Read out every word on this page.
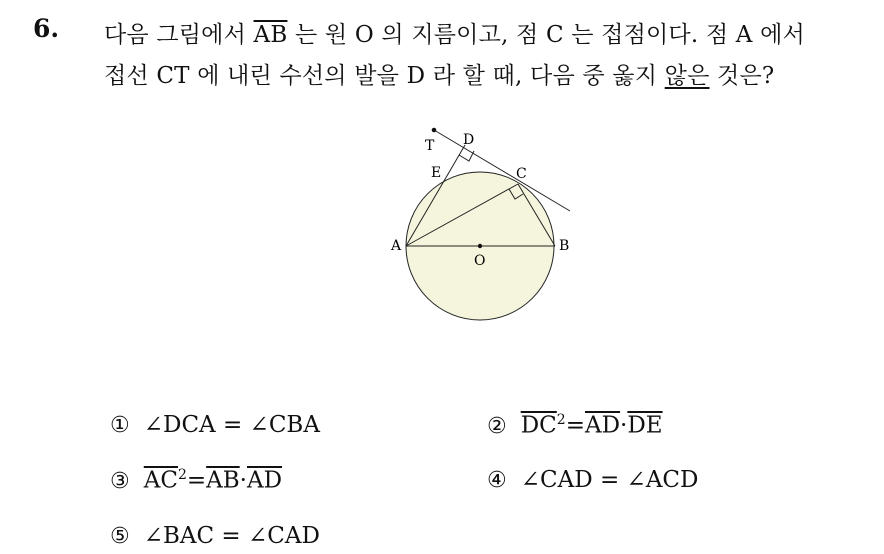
6. 다음 그림에서 $\overline{AB}$ 는 원 O 의 지름이고, 점 C 는 접점이다. 점 A 에서
접선 CT 에 내린 수선의 발을 D 라 할 때, 다음 중 옳지 않은 것은?
T D
E	C
A	B
O
① ∠DCA = ∠CBA	② $\overline{DC}^2=\overline{AD}\cdot\overline{DE}$
③ $\overline{AC}^2=\overline{AB}\cdot\overline{AD}$	④ ∠CAD = ∠ACD
⑤ ∠BAC = ∠CAD
